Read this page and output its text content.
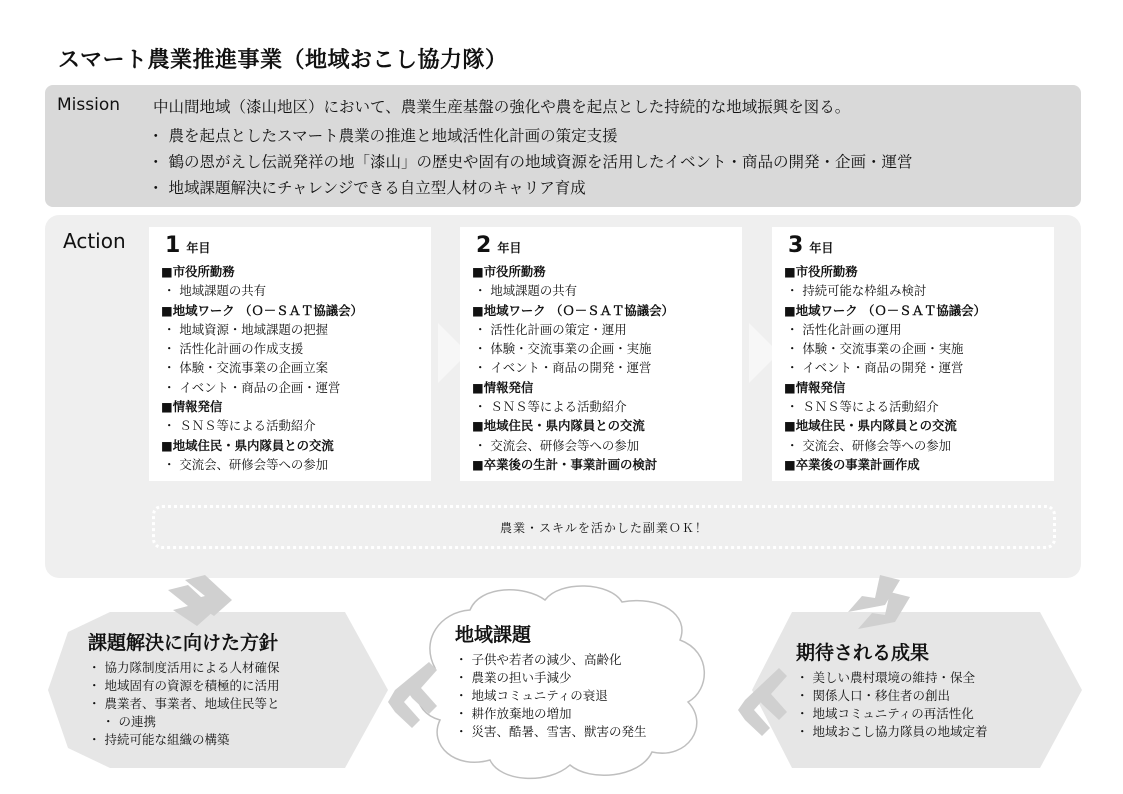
スマート農業推進事業（地域おこし協力隊）
Mission 中山間地域（漆山地区）において、農業生産基盤の強化や農を起点とした持続的な地域振興を図る。
・ 農を起点としたスマート農業の推進と地域活性化計画の策定支援
・ 鶴の恩がえし伝説発祥の地「漆山」の歴史や固有の地域資源を活用したイベント・商品の開発・企画・運営
・ 地域課題解決にチャレンジできる自立型人材のキャリア育成
Action 1 年目
■ 市役所勤務
・ 地域課題の共有
■ 地域ワーク （Ｏ－ＳＡＴ協議会）
・ 地域資源・地域課題の把握
・ 活性化計画の作成支援
・ 体験・交流事業の企画立案
・ イベント・商品の企画・運営
■ 情報発信
・ ＳＮＳ等による活動紹介
■ 地域住民・県内隊員との交流
・ 交流会、研修会等への参加
2 年目
■ 市役所勤務
・ 地域課題の共有
■ 地域ワーク （Ｏ－ＳＡＴ協議会）
・ 活性化計画の策定・運用
・ 体験・交流事業の企画・実施
・ イベント・商品の開発・運営
■ 情報発信
・ ＳＮＳ等による活動紹介
■ 地域住民・県内隊員との交流
・ 交流会、研修会等への参加
■ 卒業後の生計・事業計画の検討
3 年目
■ 市役所勤務
・ 持続可能な枠組み検討
■ 地域ワーク （Ｏ－ＳＡＴ協議会）
・ 活性化計画の運用
・ 体験・交流事業の企画・実施
・ イベント・商品の開発・運営
■ 情報発信
・ ＳＮＳ等による活動紹介
■ 地域住民・県内隊員との交流
・ 交流会、研修会等への参加
■ 卒業後の事業計画作成
農業・スキルを活かした副業ＯＫ！
課題解決に向けた方針
・ 協力隊制度活用による人材確保
・ 地域固有の資源を積極的に活用
・ 農業者、事業者、地域住民等と
・ の連携
・ 持続可能な組織の構築
地域課題
・ 子供や若者の減少、高齢化
・ 農業の担い手減少
・ 地域コミュニティの衰退
・ 耕作放棄地の増加
・ 災害、酷暑、雪害、獣害の発生
期待される成果
・ 美しい農村環境の維持・保全
・ 関係人口・移住者の創出
・ 地域コミュニティの再活性化
・ 地域おこし協力隊員の地域定着
